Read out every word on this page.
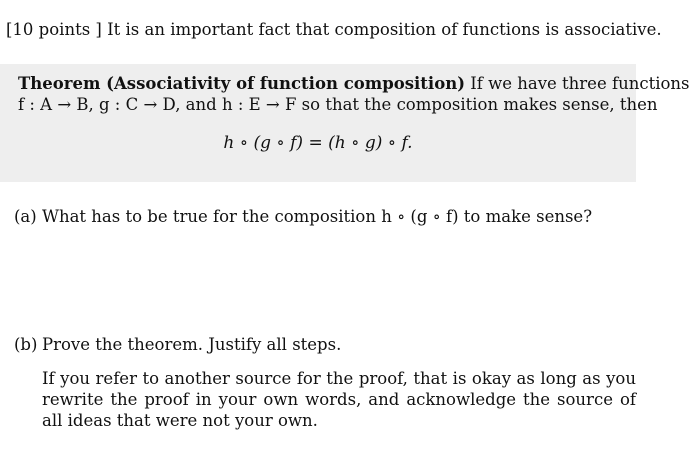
[10 points ] It is an important fact that composition of functions is associative.
Theorem (Associativity of function composition) If we have three functions
f : A → B, g : C → D, and h : E → F so that the composition makes sense, then
h ∘ (g ∘ f) = (h ∘ g) ∘ f.
(a) What has to be true for the composition h ∘ (g ∘ f) to make sense?
(b) Prove the theorem. Justify all steps.
If you refer to another source for the proof, that is okay as long as you rewrite the proof in your own words, and acknowledge the source of all ideas that were not your own.
